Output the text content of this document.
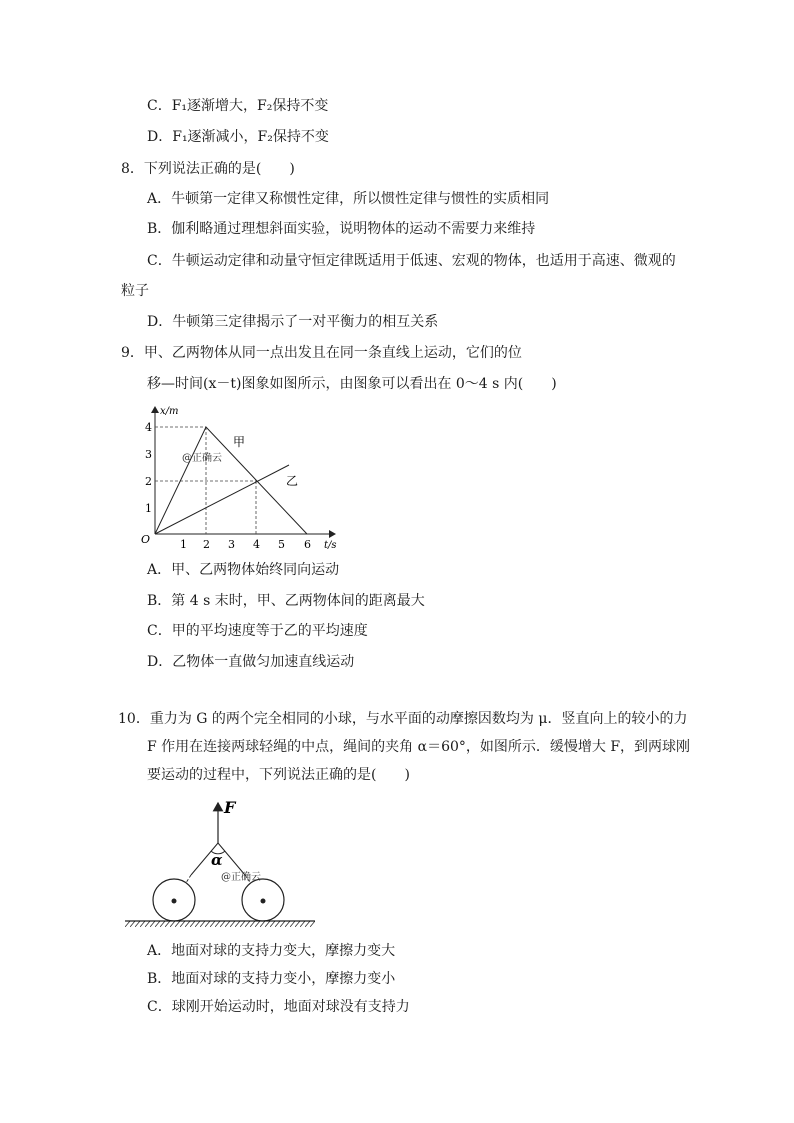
C．F₁逐渐增大，F₂保持不变
D．F₁逐渐减小，F₂保持不变
8．下列说法正确的是(　　)
A．牛顿第一定律又称惯性定律，所以惯性定律与惯性的实质相同
B．伽利略通过理想斜面实验，说明物体的运动不需要力来维持
C．牛顿运动定律和动量守恒定律既适用于低速、宏观的物体，也适用于高速、微观的
粒子
D．牛顿第三定律揭示了一对平衡力的相互关系
9．甲、乙两物体从同一点出发且在同一条直线上运动，它们的位
移—时间(x－t)图象如图所示，由图象可以看出在 0～4 s 内(　　)
1 2 3 4 5 6
1
2
3
4
O
x/m
t/s
甲
乙
@正确云
A．甲、乙两物体始终同向运动
B．第 4 s 末时，甲、乙两物体间的距离最大
C．甲的平均速度等于乙的平均速度
D．乙物体一直做匀加速直线运动
10．重力为 G 的两个完全相同的小球，与水平面的动摩擦因数均为 μ．竖直向上的较小的力
F 作用在连接两球轻绳的中点，绳间的夹角 α＝60°，如图所示．缓慢增大 F，到两球刚
要运动的过程中，下列说法正确的是(　　)
F
α
@正确云
A．地面对球的支持力变大，摩擦力变大
B．地面对球的支持力变小，摩擦力变小
C．球刚开始运动时，地面对球没有支持力
